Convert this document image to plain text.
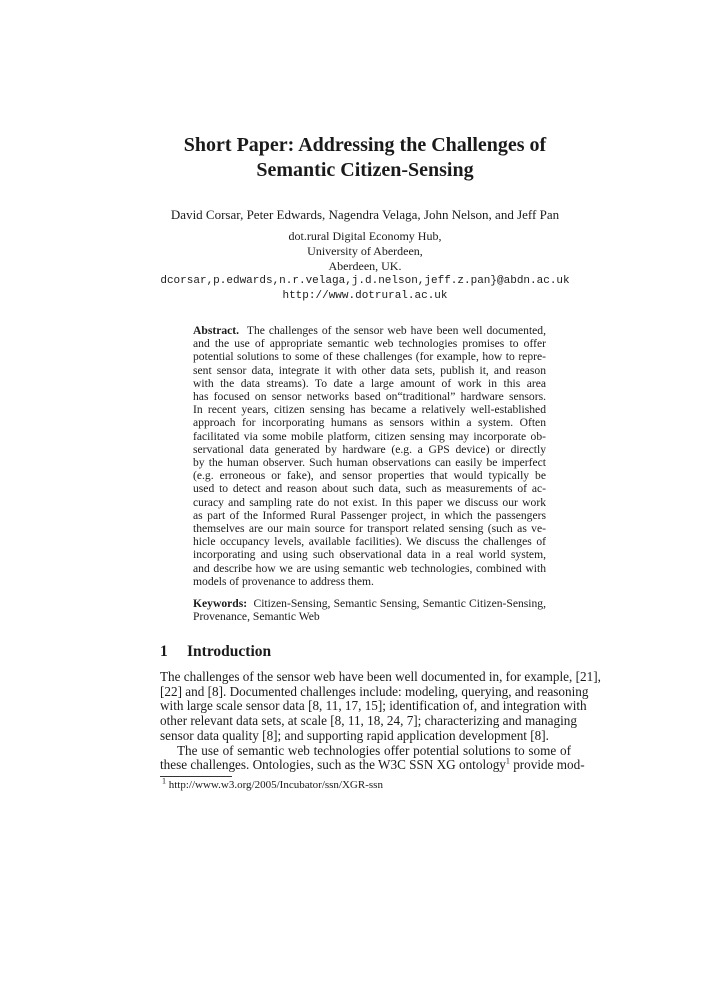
Short Paper: Addressing the Challenges of
Semantic Citizen-Sensing
David Corsar, Peter Edwards, Nagendra Velaga, John Nelson, and Jeff Pan
dot.rural Digital Economy Hub,
University of Aberdeen,
Aberdeen, UK.
dcorsar,p.edwards,n.r.velaga,j.d.nelson,jeff.z.pan}@abdn.ac.uk
http://www.dotrural.ac.uk
Abstract. The challenges of the sensor web have been well documented,
and the use of appropriate semantic web technologies promises to offer
potential solutions to some of these challenges (for example, how to repre-
sent sensor data, integrate it with other data sets, publish it, and reason
with the data streams). To date a large amount of work in this area
has focused on sensor networks based on“traditional” hardware sensors.
In recent years, citizen sensing has became a relatively well-established
approach for incorporating humans as sensors within a system. Often
facilitated via some mobile platform, citizen sensing may incorporate ob-
servational data generated by hardware (e.g. a GPS device) or directly
by the human observer. Such human observations can easily be imperfect
(e.g. erroneous or fake), and sensor properties that would typically be
used to detect and reason about such data, such as measurements of ac-
curacy and sampling rate do not exist. In this paper we discuss our work
as part of the Informed Rural Passenger project, in which the passengers
themselves are our main source for transport related sensing (such as ve-
hicle occupancy levels, available facilities). We discuss the challenges of
incorporating and using such observational data in a real world system,
and describe how we are using semantic web technologies, combined with
models of provenance to address them.
Keywords: Citizen-Sensing, Semantic Sensing, Semantic Citizen-Sensing,
Provenance, Semantic Web
1 Introduction
The challenges of the sensor web have been well documented in, for example, [21],
[22] and [8]. Documented challenges include: modeling, querying, and reasoning
with large scale sensor data [8, 11, 17, 15]; identification of, and integration with
other relevant data sets, at scale [8, 11, 18, 24, 7]; characterizing and managing
sensor data quality [8]; and supporting rapid application development [8].
The use of semantic web technologies offer potential solutions to some of
these challenges. Ontologies, such as the W3C SSN XG ontology$^1$ provide mod-
$^1$ http://www.w3.org/2005/Incubator/ssn/XGR-ssn
